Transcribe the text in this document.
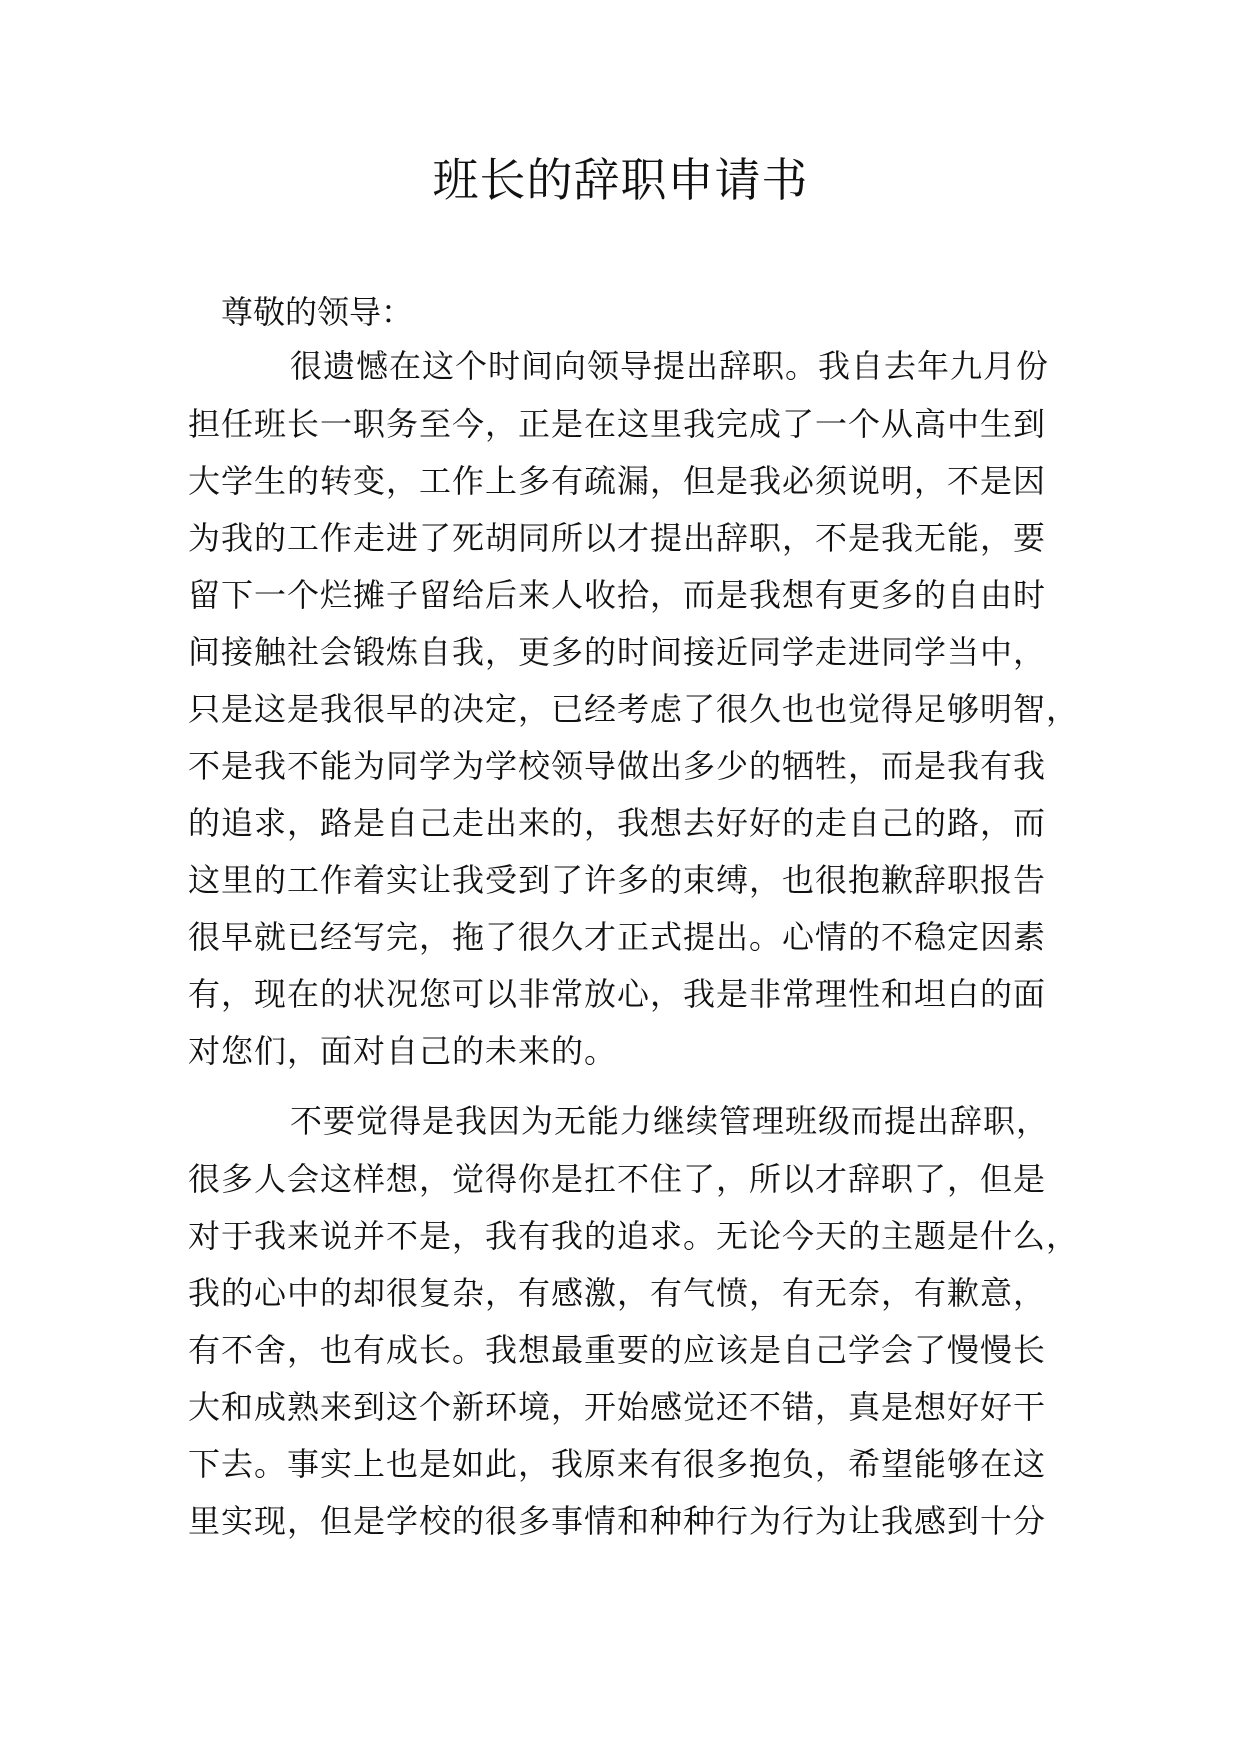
班长的辞职申请书
尊敬的领导：
很遗憾在这个时间向领导提出辞职。我自去年九月份
担任班长一职务至今，正是在这里我完成了一个从高中生到
大学生的转变，工作上多有疏漏，但是我必须说明，不是因
为我的工作走进了死胡同所以才提出辞职，不是我无能，要
留下一个烂摊子留给后来人收拾，而是我想有更多的自由时
间接触社会锻炼自我，更多的时间接近同学走进同学当中，
只是这是我很早的决定，已经考虑了很久也也觉得足够明智，
不是我不能为同学为学校领导做出多少的牺牲，而是我有我
的追求，路是自己走出来的，我想去好好的走自己的路，而
这里的工作着实让我受到了许多的束缚，也很抱歉辞职报告
很早就已经写完，拖了很久才正式提出。心情的不稳定因素
有，现在的状况您可以非常放心，我是非常理性和坦白的面
对您们，面对自己的未来的。
不要觉得是我因为无能力继续管理班级而提出辞职，
很多人会这样想，觉得你是扛不住了，所以才辞职了，但是
对于我来说并不是，我有我的追求。无论今天的主题是什么，
我的心中的却很复杂，有感激，有气愤，有无奈，有歉意，
有不舍，也有成长。我想最重要的应该是自己学会了慢慢长
大和成熟来到这个新环境，开始感觉还不错，真是想好好干
下去。事实上也是如此，我原来有很多抱负，希望能够在这
里实现，但是学校的很多事情和种种行为行为让我感到十分
